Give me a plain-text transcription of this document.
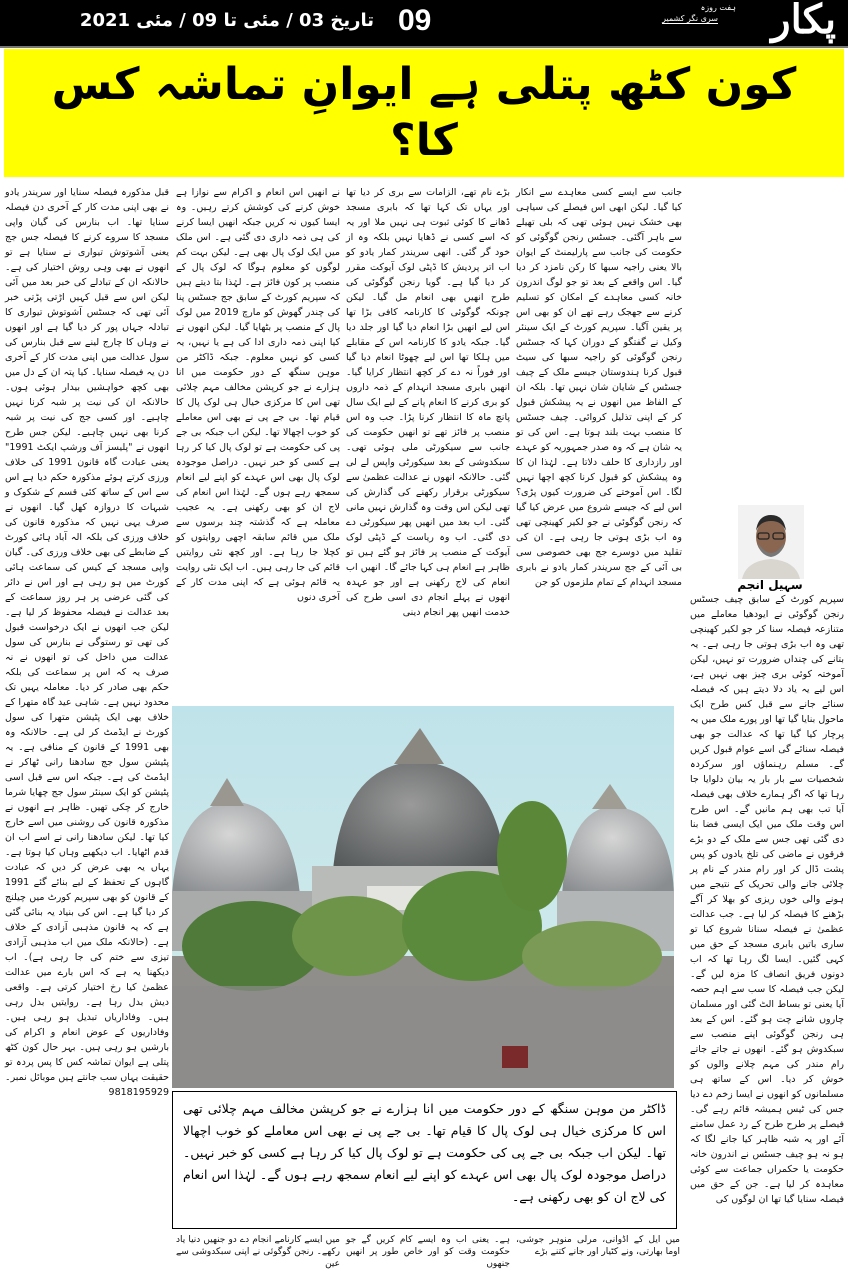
تاریخ 03 / مئی تا 09 / مئی 2021 09	پکار
ہفت روزہ
سری نگر کشمیر
کون کٹھ پتلی ہے ایوانِ تماشہ کس کا؟
سپریم کورٹ کے سابق چیف جسٹس رنجن گوگوئی نے ایودھیا معاملے میں متنازعہ فیصلہ سنا کر جو لکیر کھینچی تھی وہ اب بڑی ہوتی جا رہی ہے۔ یہ بتانے کی چنداں ضرورت تو نہیں، لیکن آموختہ کوئی بری چیز بھی نہیں ہے، اس لیے یہ یاد دلا دیتے ہیں کہ فیصلہ سنائے جانے سے قبل کس طرح ایک ماحول بنایا گیا تھا اور پورے ملک میں یہ پرچار کیا گیا تھا کہ عدالت جو بھی فیصلہ سنائے گی اسے عوام قبول کریں گے۔ مسلم رہنماؤں اور سرکردہ شخصیات سے بار بار یہ بیان دلوایا جا رہا تھا کہ اگر ہمارے خلاف بھی فیصلہ آیا تب بھی ہم مانیں گے۔ اس طرح اس وقت ملک میں ایک ایسی فضا بنا دی گئی تھی جس سے ملک کے دو بڑے فرقوں نے ماضی کی تلخ یادوں کو پس پشت ڈال کر اور رام مندر کے نام پر چلائی جانے والی تحریک کے نتیجے میں ہونے والی خوں ریزی کو بھلا کر آگے بڑھنے کا فیصلہ کر لیا ہے۔ جب عدالت عظمیٰ نے فیصلہ سنانا شروع کیا تو ساری باتیں بابری مسجد کے حق میں کہی گئیں۔ ایسا لگ رہا تھا کہ اب دونوں فریق انصاف کا مزہ لیں گے۔ لیکن جب فیصلہ کا سب سے اہم حصہ آیا یعنی تو بساط الٹ گئی اور مسلمان چاروں شانے چت ہو گئے۔ اس کے بعد ہی رنجن گوگوئی اپنے منصب سے سبکدوش ہو گئے۔ انھوں نے جاتے جاتے رام مندر کی مہم چلانے والوں کو خوش کر دیا۔ اس کے ساتھ ہی مسلمانوں کو انھوں نے ایسا زخم دے دیا جس کی ٹیس ہمیشہ قائم رہے گی۔ فیصلے پر طرح طرح کے رد عمل سامنے آئے اور یہ شبہ ظاہر کیا جانے لگا کہ ہو نہ ہو چیف جسٹس نے اندرون خانہ حکومت یا حکمراں جماعت سے کوئی معاہدہ کر لیا ہے۔ جن کے حق میں فیصلہ سنایا گیا تھا ان لوگوں کی
جانب سے ایسے کسی معاہدے سے انکار کیا گیا۔ لیکن ابھی اس فیصلے کی سیاہی بھی خشک نہیں ہوئی تھی کہ بلی تھیلے سے باہر آگئی۔ جسٹس رنجن گوگوئی کو حکومت کی جانب سے پارلیمنٹ کے ایوان بالا یعنی راجیہ سبھا کا رکن نامزد کر دیا گیا۔ اس واقعے کے بعد تو جو لوگ اندرون خانہ کسی معاہدے کے امکان کو تسلیم کرنے سے جھجک رہے تھے ان کو بھی اس پر یقین آگیا۔ سپریم کورٹ کے ایک سینئر وکیل نے گفتگو کے دوران کہا کہ جسٹس رنجن گوگوئی کو راجیہ سبھا کی سیٹ قبول کرنا ہندوستان جیسے ملک کے چیف جسٹس کے شایان شان نہیں تھا۔ بلکہ ان کے الفاظ میں انھوں نے یہ پیشکش قبول کر کے اپنی تذلیل کروائی۔ چیف جسٹس کا منصب بہت بلند ہوتا ہے۔ اس کی تو یہ شان ہے کہ وہ صدر جمہوریہ کو عہدے اور رازداری کا حلف دلاتا ہے۔ لہٰذا ان کا وہ پیشکش کو قبول کرنا کچھ اچھا نہیں لگا۔ اس آموختے کی ضرورت کیوں پڑی؟ اس لیے کہ جیسے شروع میں عرض کیا گیا کہ رنجن گوگوئی نے جو لکیر کھینچی تھی وہ اب بڑی ہوتی جا رہی ہے۔ ان کی تقلید میں دوسرے جج بھی خصوصی سی بی آئی کے جج سریندر کمار یادو نے بابری مسجد انہدام کے تمام ملزموں کو جن
بڑے نام تھے، الزامات سے بری کر دیا تھا اور یہاں تک کہا تھا کہ بابری مسجد ڈھانے کا کوئی ثبوت ہی نہیں ملا اور یہ کہ اسے کسی نے ڈھایا نہیں بلکہ وہ از خود گر گئی۔ انھی سریندر کمار یادو کو اب اتر پردیش کا ڈپٹی لوک آیوکت مقرر کر دیا گیا ہے۔ گویا رنجن گوگوئی کی طرح انھیں بھی انعام مل گیا۔ لیکن چونکہ گوگوئی کا کارنامہ کافی بڑا تھا اس لیے انھیں بڑا انعام دیا گیا اور جلد دیا گیا۔ جبکہ یادو کا کارنامہ اس کے مقابلے میں ہلکا تھا اس لیے چھوٹا انعام دیا گیا اور فوراً نہ دے کر کچھ انتظار کرایا گیا۔ انھیں بابری مسجد انہدام کے ذمہ داروں کو بری کرنے کا انعام پانے کے لیے ایک سال پانچ ماہ کا انتظار کرنا پڑا۔ جب وہ اس منصب پر فائز تھے تو انھیں حکومت کی جانب سے سیکورٹی ملی ہوئی تھی۔ سبکدوشی کے بعد سیکورٹی واپس لے لی گئی۔ حالانکہ انھوں نے عدالت عظمیٰ سے سیکورٹی برقرار رکھنے کی گذارش کی تھی لیکن اس وقت وہ گذارش نہیں مانی گئی۔ اب بعد میں انھیں پھر سیکورٹی دے دی گئی۔ اب وہ ریاست کے ڈپٹی لوک آیوکت کے منصب پر فائز ہو گئے ہیں تو ظاہر ہے انعام ہی کہا جائے گا۔ انھیں اب انعام کی لاج رکھنی ہے اور جو عہدہ انھوں نے پہلے انجام دی اسی طرح کی خدمت انھیں پھر انجام دینی
نے انھیں اس انعام و اکرام سے نوازا ہے خوش کرنے کی کوشش کرتے رہیں۔ وہ ایسا کیوں نہ کریں جبکہ انھیں ایسا کرنے کی ہی ذمہ داری دی گئی ہے۔ اس ملک میں ایک لوک پال بھی ہے۔ لیکن بہت کم لوگوں کو معلوم ہوگا کہ لوک پال کے منصب پر کون فائز ہے۔ لہٰذا بتا دیتے ہیں کہ سپریم کورٹ کے سابق جج جسٹس پنا کی چندر گھوش کو مارچ 2019 میں لوک پال کے منصب پر بٹھایا گیا۔ لیکن انھوں نے کیا اپنی ذمہ داری ادا کی ہے یا نہیں، یہ کسی کو نہیں معلوم۔ جبکہ ڈاکٹر من موہن سنگھ کے دور حکومت میں انا ہزارے نے جو کرپشن مخالف مہم چلائی تھی اس کا مرکزی خیال ہی لوک پال کا قیام تھا۔ بی جے پی نے بھی اس معاملے کو خوب اچھالا تھا۔ لیکن اب جبکہ بی جے پی کی حکومت ہے تو لوک پال کیا کر رہا ہے کسی کو خبر نہیں۔ دراصل موجودہ لوک پال بھی اس عہدے کو اپنے لیے انعام سمجھ رہے ہوں گے۔ لہٰذا اس انعام کی لاج ان کو بھی رکھنی ہے۔ یہ عجیب معاملہ ہے کہ گذشتہ چند برسوں سے ملک میں قائم سابقہ اچھی روایتوں کو کچلا جا رہا ہے۔ اور کچھ نئی روایتیں قائم کی جا رہی ہیں۔ اب ایک نئی روایت یہ قائم ہوئی ہے کہ اپنی مدت کار کے آخری دنوں
قبل مذکورہ فیصلہ سنایا اور سریندر یادو نے بھی اپنی مدت کار کے آخری دن فیصلہ سنایا تھا۔ اب بنارس کی گیان واپی مسجد کا سروے کرنے کا فیصلہ جس جج یعنی آشوتوش تیواری نے سنایا ہے تو انھوں نے بھی وہی روش اختیار کی ہے۔ حالانکہ ان کے تبادلے کی خبر بعد میں آئی لیکن اس سے قبل کہیں اڑتی پڑتی خبر آئی تھی کہ جسٹس آشوتوش تیواری کا تبادلہ جہاں پور کر دیا گیا ہے اور انھوں نے وہاں کا چارج لینے سے قبل بنارس کی سول عدالت میں اپنی مدت کار کے آخری دن یہ فیصلہ سنایا۔ کیا پتہ ان کے دل میں بھی کچھ خواہشیں بیدار ہوئی ہوں۔ حالانکہ ان کی نیت پر شبہ کرنا نہیں چاہیے۔ اور کسی جج کی نیت پر شبہ کرنا بھی نہیں چاہیے۔ لیکن جس طرح انھوں نے "پلیسز آف ورشپ ایکٹ 1991" یعنی عبادت گاہ قانون 1991 کی خلاف ورزی کرتے ہوئے مذکورہ حکم دیا ہے اس سے اس کے ساتھ کئی قسم کے شکوک و شبہات کا دروازہ کھل گیا۔ انھوں نے صرف یہی نہیں کہ مذکورہ قانون کی خلاف ورزی کی بلکہ الہ آباد ہائی کورٹ کے ضابطے کی بھی خلاف ورزی کی۔ گیان واپی مسجد کے کیس کی سماعت ہائی کورٹ میں ہو رہی ہے اور اس نے دائر کی گئی عرضی پر ہر روز سماعت کے بعد عدالت نے فیصلہ محفوظ کر لیا ہے۔ لیکن جب انھوں نے ایک درخواست قبول کی تھی تو رستوگی نے بنارس کی سول عدالت میں داخل کی تو انھوں نے نہ صرف یہ کہ اس پر سماعت کی بلکہ حکم بھی صادر کر دیا۔ معاملہ یہیں تک محدود نہیں ہے۔ شاہی عید گاہ متھرا کے خلاف بھی ایک پٹیشن متھرا کی سول کورٹ نے ایڈمٹ کر لی ہے۔ حالانکہ وہ بھی 1991 کے قانون کے منافی ہے۔ یہ پٹیشن سول جج سادھنا رانی ٹھاکر نے ایڈمٹ کی ہے۔ جبکہ اس سے قبل اسی پٹیشن کو ایک سینئر سول جج چھایا شرما خارج کر چکی تھیں۔ ظاہر ہے انھوں نے مذکورہ قانون کی روشنی میں اسے خارج کیا تھا۔ لیکن سادھنا رانی نے اسے اب ان قدم اٹھایا۔ اب دیکھیے وہاں کیا ہوتا ہے۔ یہاں یہ بھی عرض کر دیں کہ عبادت گاہوں کے تحفظ کے لیے بنائے گئے 1991 کے قانون کو بھی سپریم کورٹ میں چیلنج کر دیا گیا ہے۔ اس کی بنیاد یہ بنائی گئی ہے کہ یہ قانون مذہبی آزادی کے خلاف ہے۔ (حالانکہ ملک میں اب مذہبی آزادی تیزی سے ختم کی جا رہی ہے)۔ اب دیکھنا یہ ہے کہ اس بارے میں عدالت عظمیٰ کیا رخ اختیار کرتی ہے۔ واقعی دیش بدل رہا ہے۔ روایتیں بدل رہی ہیں۔ وفاداریاں تبدیل ہو رہی ہیں۔ وفاداریوں کے عوض انعام و اکرام کی بارشیں ہو رہی ہیں۔ بہر حال کون کٹھ پتلی ہے ایوان تماشہ کس کا پس پردہ تو حقیقت یہاں سب جانتے ہیں موبائل نمبر۔ 9818195929
میں ایل کے اڈوانی، مرلی منوہر جوشی، اوما بھارتی، ونے کٹیار اور جانے کتنے بڑے
ہے۔ یعنی اب وہ ایسے کام کریں گے جو حکومت وقت کو اور خاص طور پر انھیں جنھوں
میں ایسے کارنامے انجام دے دو جنھیں دنیا یاد رکھے۔ رنجن گوگوئی نے اپنی سبکدوشی سے عین
سہیل انجم
ڈاکٹر من موہن سنگھ کے دور حکومت میں انا ہزارے نے جو کرپشن مخالف مہم چلائی تھی اس کا مرکزی خیال ہی لوک پال کا قیام تھا۔ بی جے پی نے بھی اس معاملے کو خوب اچھالا تھا۔ لیکن اب جبکہ بی جے پی کی حکومت ہے تو لوک پال کیا کر رہا ہے کسی کو خبر نہیں۔ دراصل موجودہ لوک پال بھی اس عہدے کو اپنے لیے انعام سمجھ رہے ہوں گے۔ لہٰذا اس انعام کی لاج ان کو بھی رکھنی ہے۔
